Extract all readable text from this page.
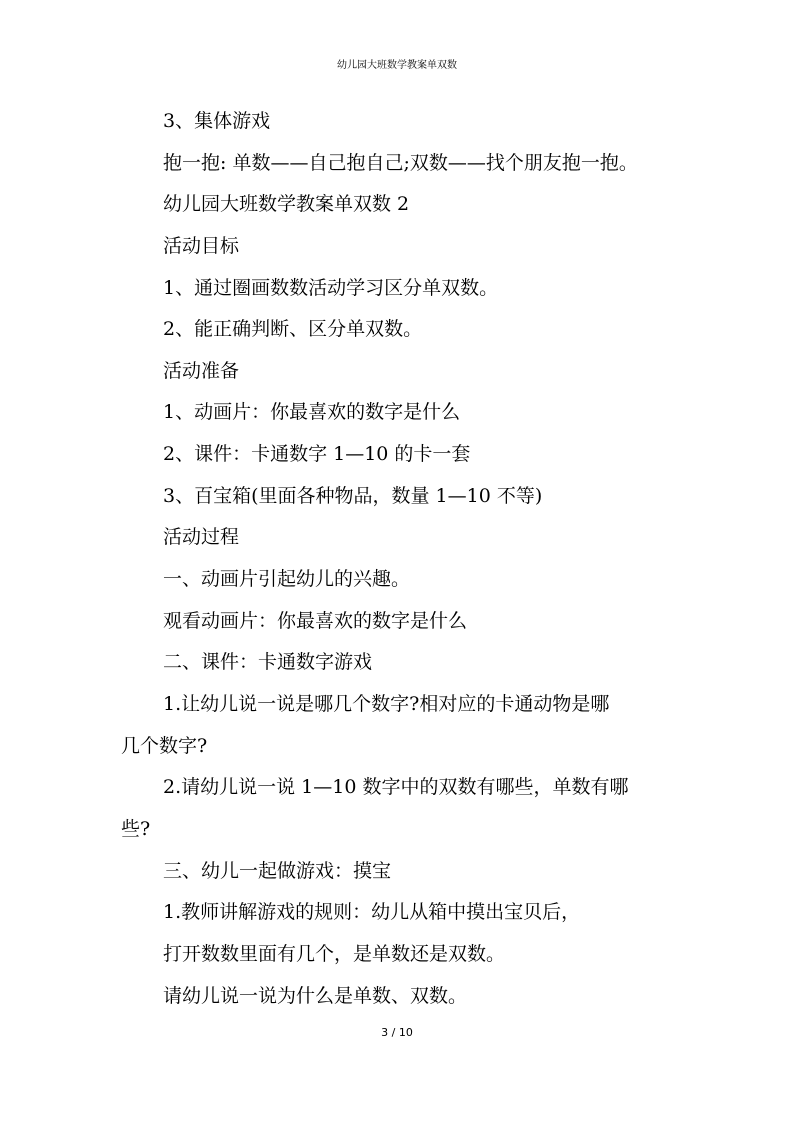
幼儿园大班数学教案单双数
3、集体游戏
抱一抱: 单数——自己抱自己;双数——找个朋友抱一抱。
幼儿园大班数学教案单双数 2
活动目标
1、通过圈画数数活动学习区分单双数。
2、能正确判断、区分单双数。
活动准备
1、动画片：你最喜欢的数字是什么
2、课件：卡通数字 1—10 的卡一套
3、百宝箱(里面各种物品，数量 1—10 不等)
活动过程
一、动画片引起幼儿的兴趣。
观看动画片：你最喜欢的数字是什么
二、课件：卡通数字游戏
1.让幼儿说一说是哪几个数字?相对应的卡通动物是哪
几个数字?
2.请幼儿说一说 1—10 数字中的双数有哪些，单数有哪
些?
三、幼儿一起做游戏：摸宝
1.教师讲解游戏的规则：幼儿从箱中摸出宝贝后，
打开数数里面有几个，是单数还是双数。
请幼儿说一说为什么是单数、双数。
3 / 10
